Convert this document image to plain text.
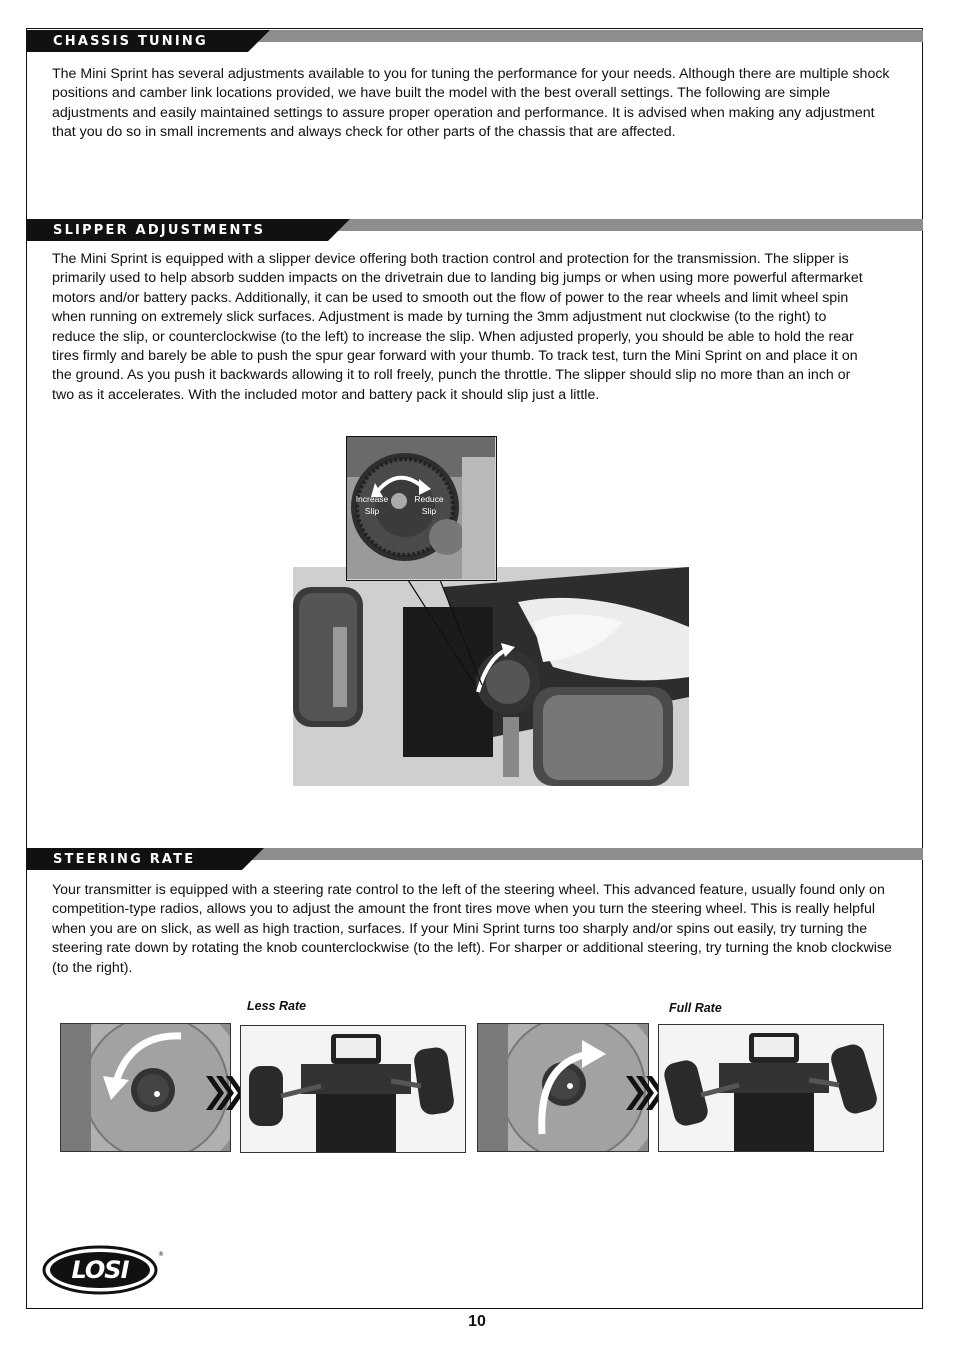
CHASSIS TUNING

The Mini Sprint has several adjustments available to you for tuning the performance for your needs. Although there are multiple shock positions and camber link locations provided, we have built the model with the best overall settings. The following are simple adjustments and easily maintained settings to assure proper operation and performance. It is advised when making any adjustment that you do so in small increments and always check for other parts of the chassis that are affected.

SLIPPER ADJUSTMENTS

The Mini Sprint is equipped with a slipper device offering both traction control and protection for the transmission. The slipper is primarily used to help absorb sudden impacts on the drivetrain due to landing big jumps or when using more powerful aftermarket motors and/or battery packs. Additionally, it can be used to smooth out the flow of power to the rear wheels and limit wheel spin when running on extremely slick surfaces. Adjustment is made by turning the 3mm adjustment nut clockwise (to the right) to reduce the slip, or counterclockwise (to the left) to increase the slip. When adjusted properly, you should be able to hold the rear tires firmly and barely be able to push the spur gear forward with your thumb. To track test, turn the Mini Sprint on and place it on the ground. As you push it backwards allowing it to roll freely, punch the throttle. The slipper should slip no more than an inch or two as it accelerates. With the included motor and battery pack it should slip just a little.

Increase Slip
Reduce Slip
STEERING RATE

Your transmitter is equipped with a steering rate control to the left of the steering wheel. This advanced feature, usually found only on competition-type radios, allows you to adjust the amount the front tires move when you turn the steering wheel. This is really helpful when you are on slick, as well as high traction, surfaces. If your Mini Sprint turns too sharply and/or spins out easily, try turning the steering rate down by rotating the knob counterclockwise (to the left). For sharper or additional steering, try turning the knob clockwise (to the right).

Less Rate	Full Rate
LOSI
®
10
